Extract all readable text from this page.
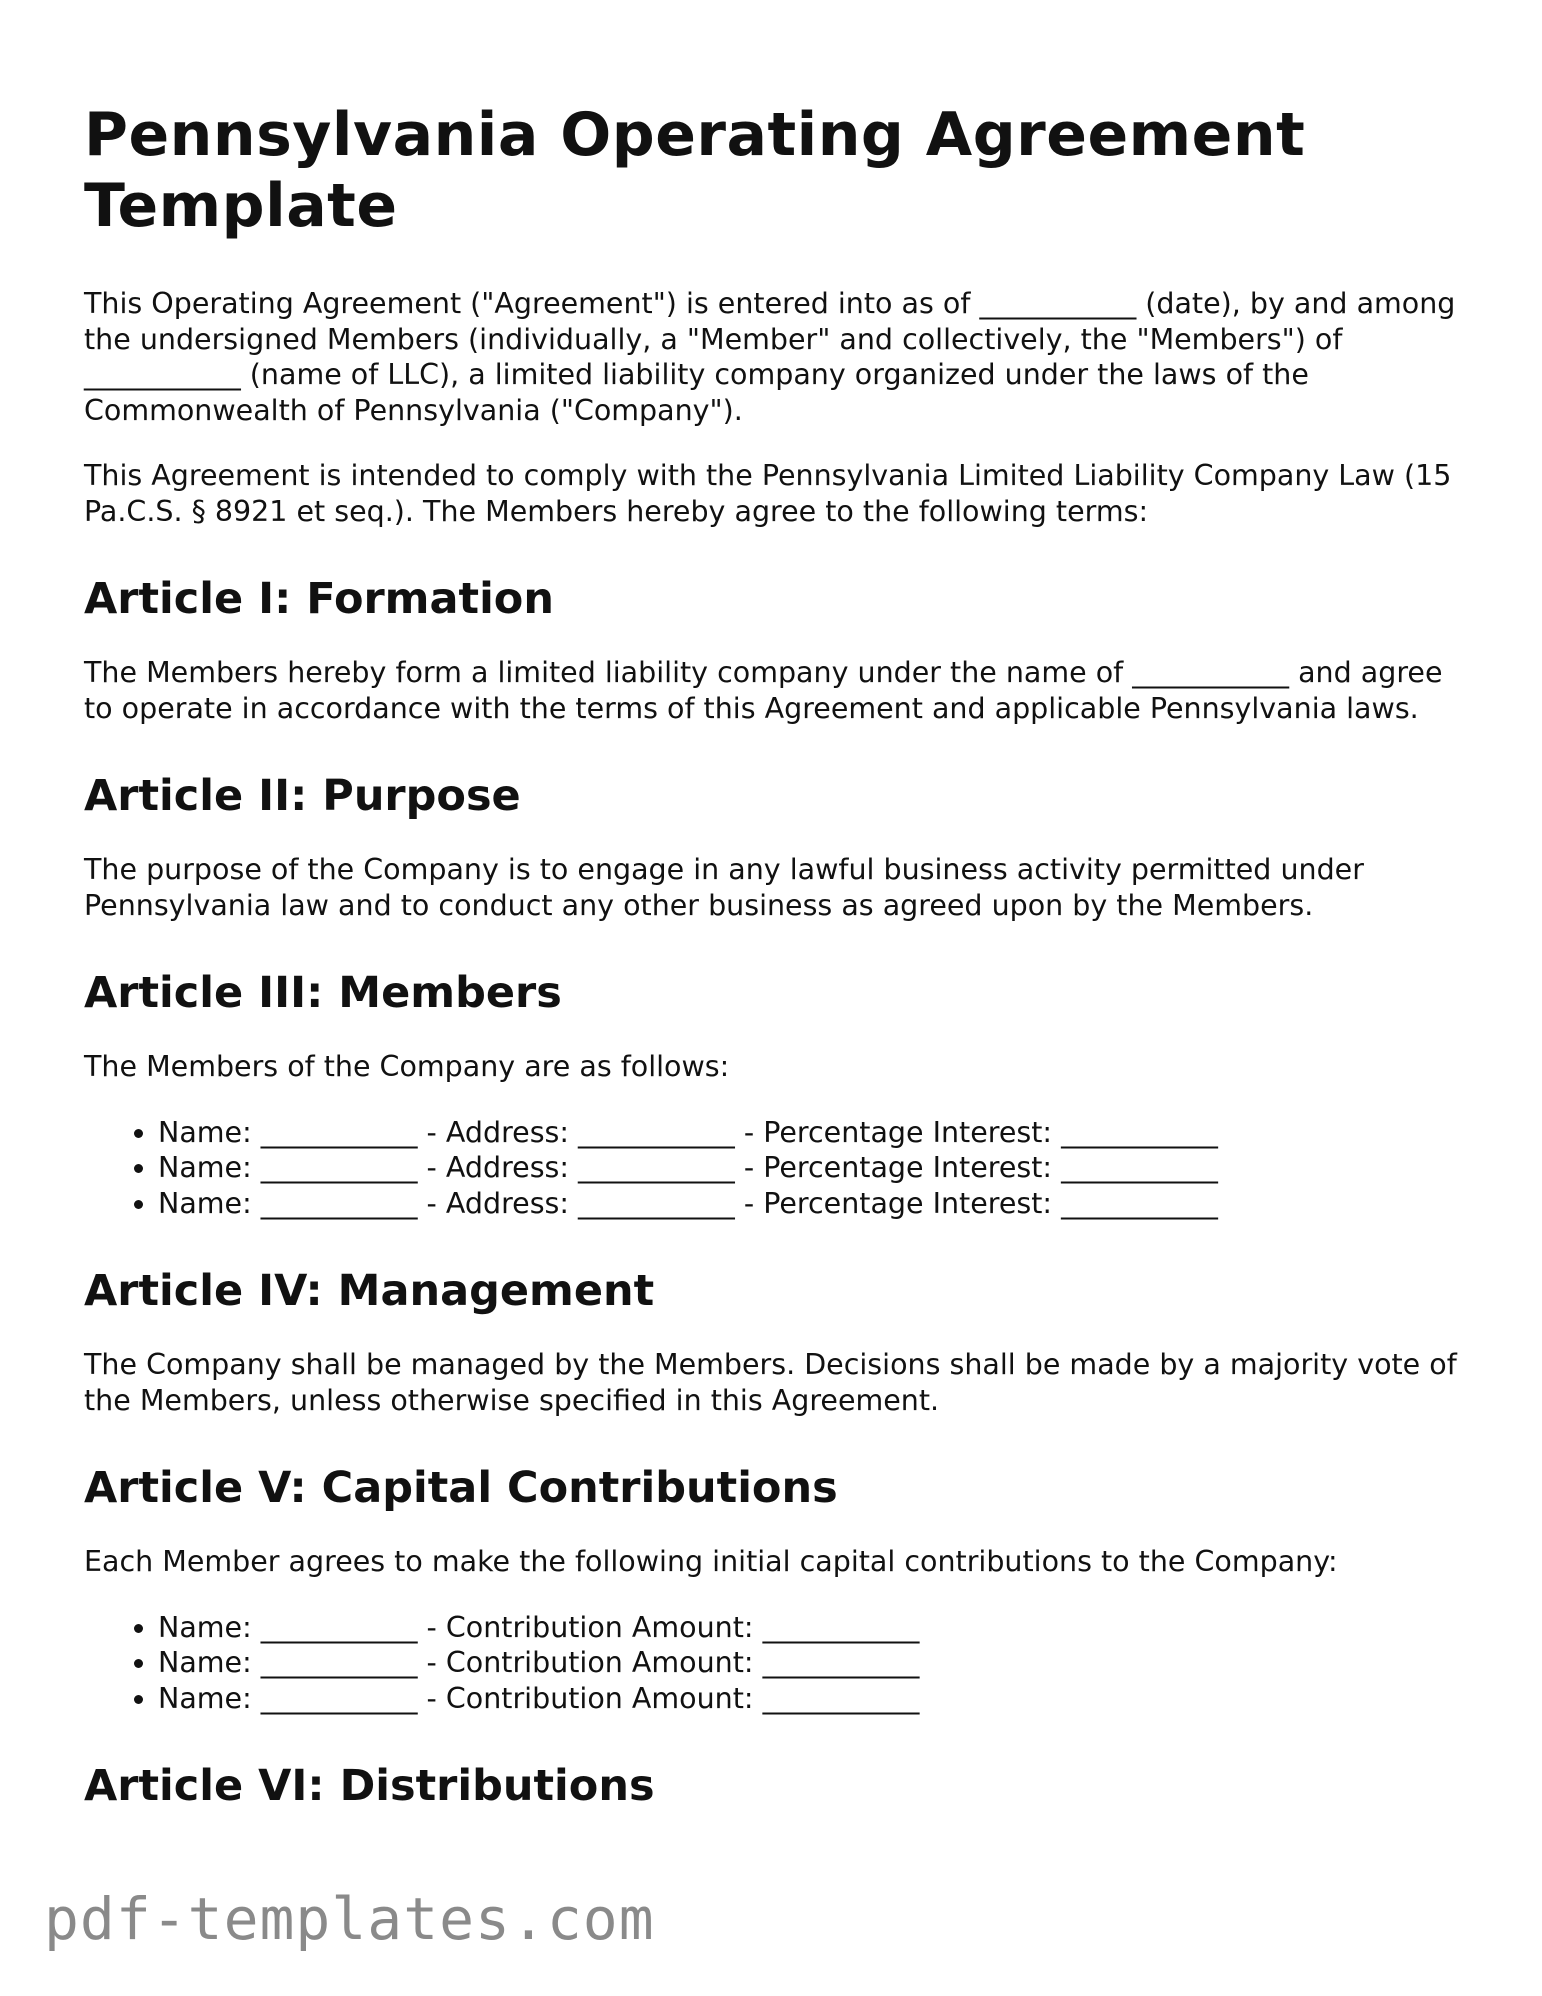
Pennsylvania Operating Agreement Template

This Operating Agreement ("Agreement") is entered into as of ___________ (date), by and among the undersigned Members (individually, a "Member" and collectively, the "Members") of ___________ (name of LLC), a limited liability company organized under the laws of the Commonwealth of Pennsylvania ("Company").

This Agreement is intended to comply with the Pennsylvania Limited Liability Company Law (15 Pa.C.S. § 8921 et seq.). The Members hereby agree to the following terms:

Article I: Formation

The Members hereby form a limited liability company under the name of ___________ and agree to operate in accordance with the terms of this Agreement and applicable Pennsylvania laws.

Article II: Purpose

The purpose of the Company is to engage in any lawful business activity permitted under Pennsylvania law and to conduct any other business as agreed upon by the Members.

Article III: Members

The Members of the Company are as follows:

• Name: ___________ - Address: ___________ - Percentage Interest: ___________
• Name: ___________ - Address: ___________ - Percentage Interest: ___________
• Name: ___________ - Address: ___________ - Percentage Interest: ___________
Article IV: Management

The Company shall be managed by the Members. Decisions shall be made by a majority vote of the Members, unless otherwise specified in this Agreement.

Article V: Capital Contributions

Each Member agrees to make the following initial capital contributions to the Company:

• Name: ___________ - Contribution Amount: ___________
• Name: ___________ - Contribution Amount: ___________
• Name: ___________ - Contribution Amount: ___________
Article VI: Distributions
pdf-templates.com
